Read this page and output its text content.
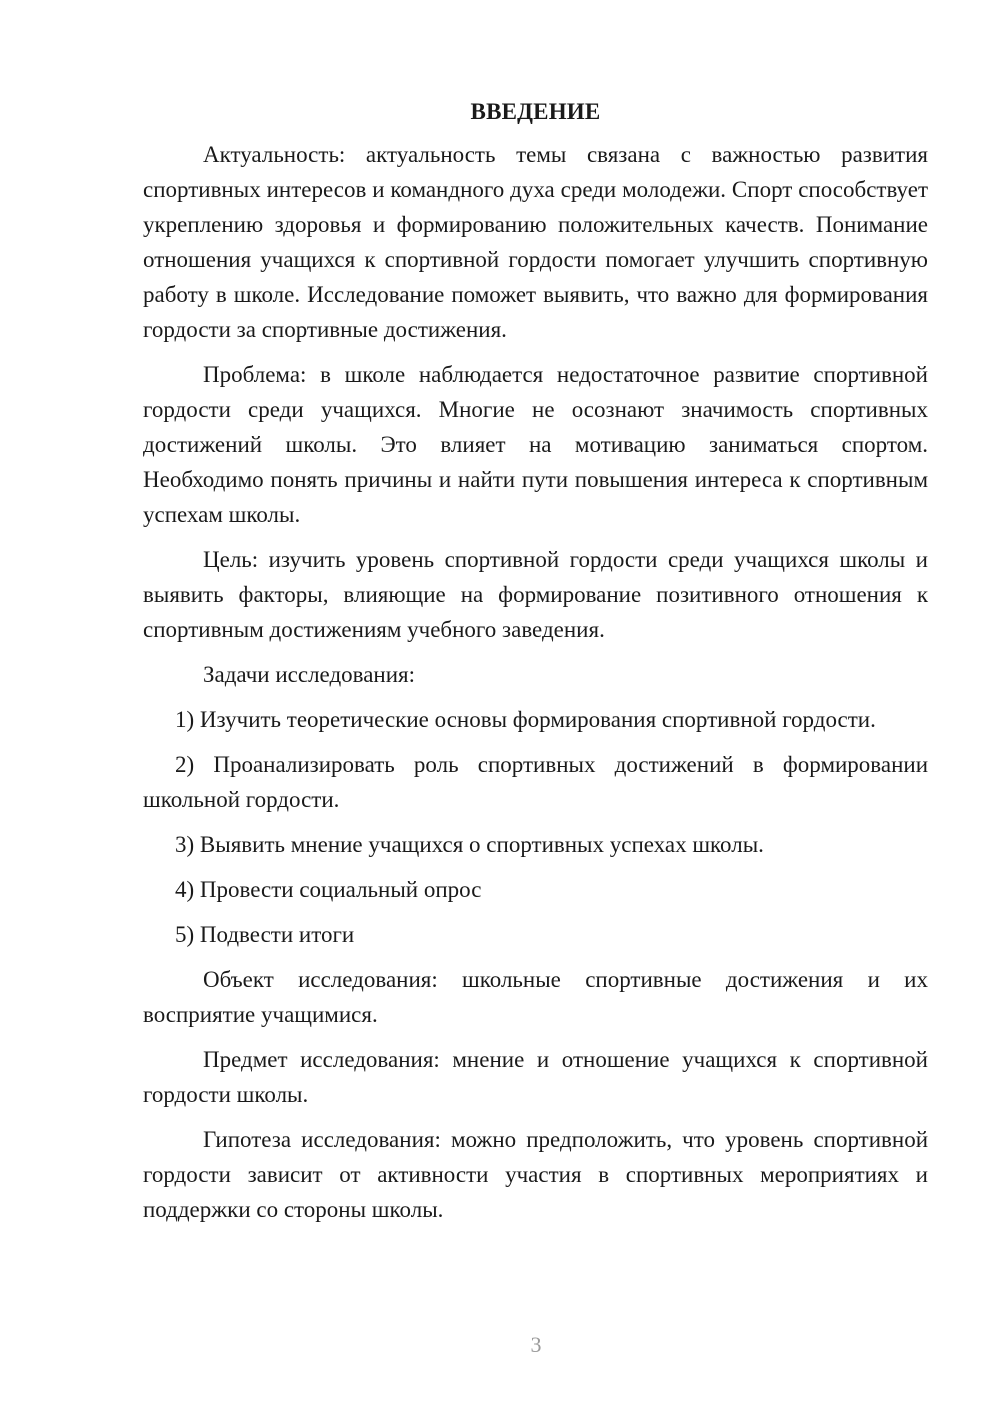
ВВЕДЕНИЕ

Актуальность: актуальность темы связана с важностью развития спортивных интересов и командного духа среди молодежи. Спорт способствует укреплению здоровья и формированию положительных качеств. Понимание отношения учащихся к спортивной гордости помогает улучшить спортивную работу в школе. Исследование поможет выявить, что важно для формирования гордости за спортивные достижения.

Проблема: в школе наблюдается недостаточное развитие спортивной гордости среди учащихся. Многие не осознают значимость спортивных достижений школы. Это влияет на мотивацию заниматься спортом. Необходимо понять причины и найти пути повышения интереса к спортивным успехам школы.

Цель: изучить уровень спортивной гордости среди учащихся школы и выявить факторы, влияющие на формирование позитивного отношения к спортивным достижениям учебного заведения.

Задачи исследования:

1) Изучить теоретические основы формирования спортивной гордости.

2) Проанализировать роль спортивных достижений в формировании школьной гордости.

3) Выявить мнение учащихся о спортивных успехах школы.

4) Провести социальный опрос

5) Подвести итоги

Объект исследования: школьные спортивные достижения и их восприятие учащимися.

Предмет исследования: мнение и отношение учащихся к спортивной гордости школы.

Гипотеза исследования: можно предположить, что уровень спортивной гордости зависит от активности участия в спортивных мероприятиях и поддержки со стороны школы.

3
